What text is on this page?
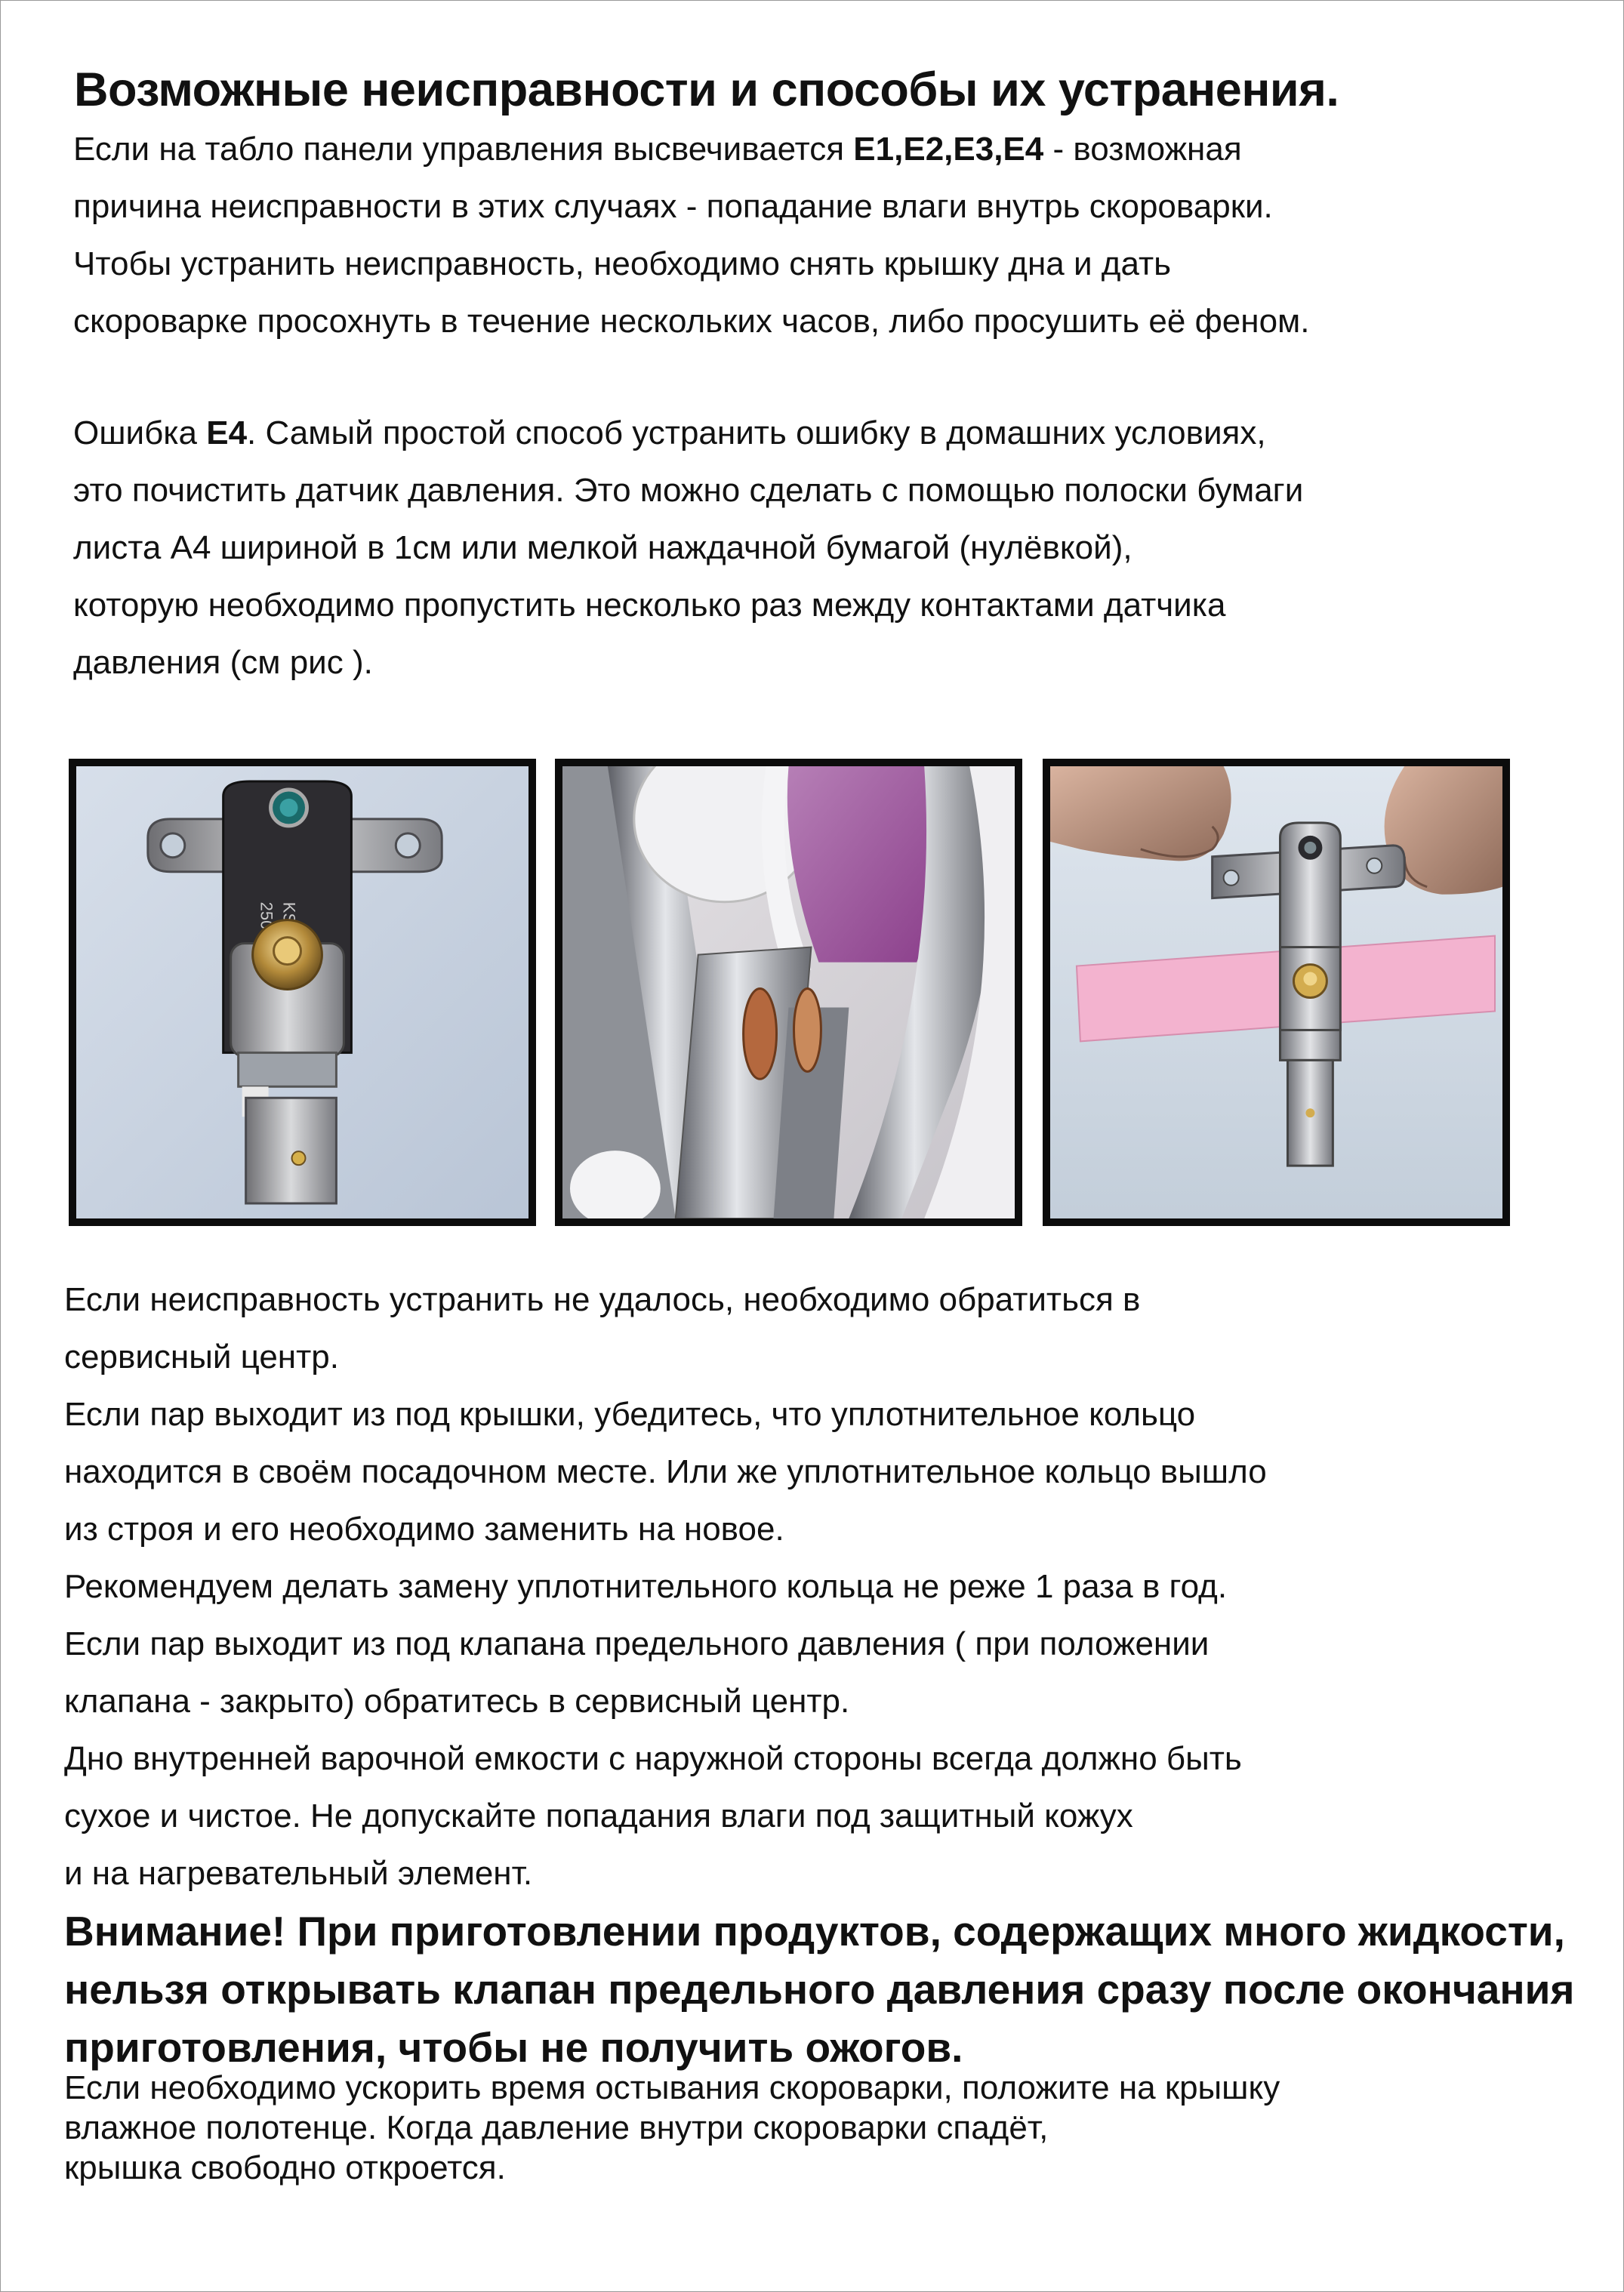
Возможные неисправности и способы их устранения.

Если на табло панели управления высвечивается Е1,Е2,Е3,Е4 - возможная
причина неисправности в этих случаях - попадание влаги внутрь скороварки.
Чтобы устранить неисправность, необходимо снять крышку дна и дать
скороварке просохнуть в течение нескольких часов, либо просушить её феном.

Ошибка Е4. Самый простой способ устранить ошибку в домашних условиях,
это почистить датчик давления. Это можно сделать с помощью полоски бумаги
листа А4 шириной в 1см или мелкой наждачной бумагой (нулёвкой),
которую необходимо пропустить несколько раз между контактами датчика
давления (см рис ).

Если неисправность устранить не удалось, необходимо обратиться в
сервисный центр.
Если пар выходит из под крышки, убедитесь, что уплотнительное кольцо
находится в своём посадочном месте. Или же уплотнительное кольцо вышло
из строя и его необходимо заменить на новое.
Рекомендуем делать замену уплотнительного кольца не реже 1 раза в год.
Если пар выходит из под клапана предельного давления ( при положении
клапана - закрыто) обратитесь в сервисный центр.
Дно внутренней варочной емкости с наружной стороны всегда должно быть
сухое и чистое. Не допускайте попадания влаги под защитный кожух
и на нагревательный элемент.

Внимание! При приготовлении продуктов, содержащих много жидкости,
нельзя открывать клапан предельного давления сразу после окончания
приготовления, чтобы не получить ожогов.

Если необходимо ускорить время остывания скороварки, положите на крышку
влажное полотенце. Когда давление внутри скороварки спадёт,
крышка свободно откроется.
